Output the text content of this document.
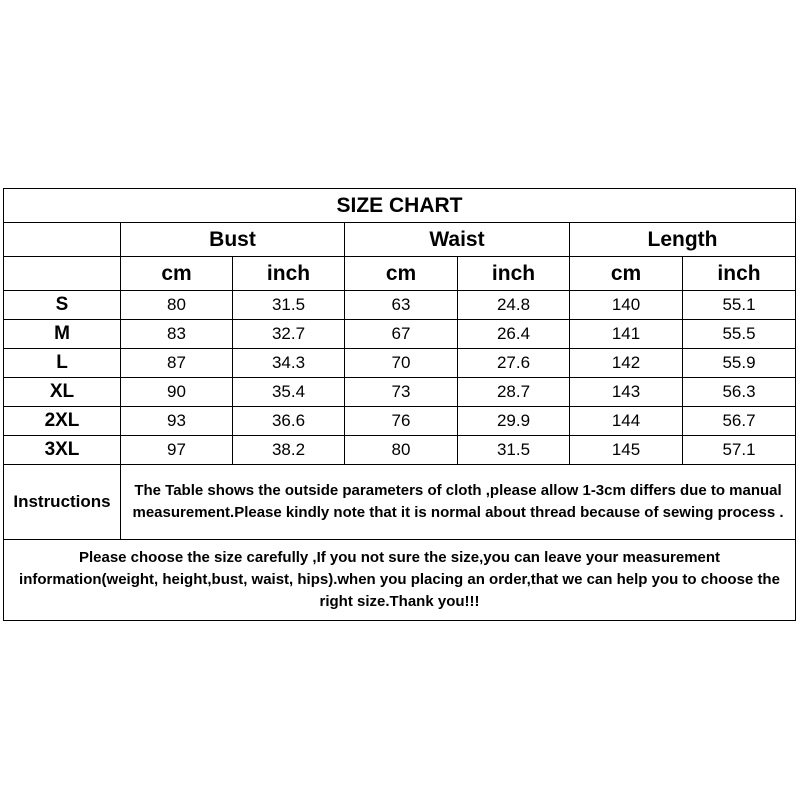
SIZE CHART						
	Bust		Waist		Length	
	cm	inch	cm	inch	cm	inch
S	80	31.5	63	24.8	140	55.1
M	83	32.7	67	26.4	141	55.5
L	87	34.3	70	27.6	142	55.9
XL	90	35.4	73	28.7	143	56.3
2XL	93	36.6	76	29.9	144	56.7
3XL	97	38.2	80	31.5	145	57.1
Instructions	The Table shows the outside parameters of cloth ,please allow 1-3cm differs due to manual measurement.Please kindly note that it is normal about thread because of sewing process .					
Please choose the size carefully ,If you not sure the size,you can leave your measurement information(weight, height,bust, waist, hips).when you placing an order,that we can help you to choose the right size.Thank you!!!						
